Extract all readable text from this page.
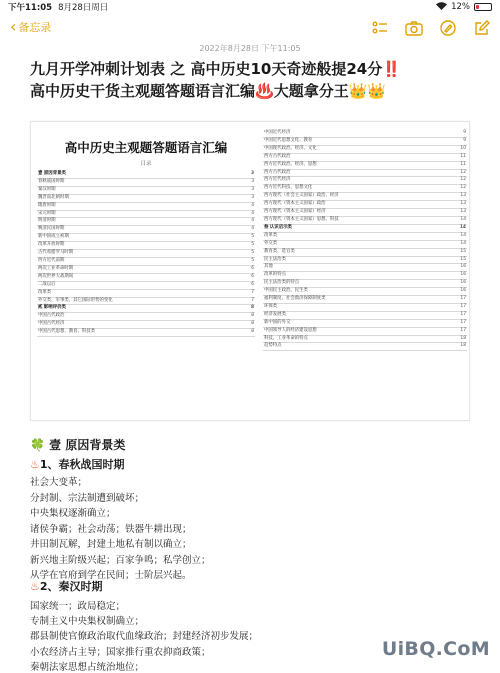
下午11:05 8月28日周日	12%
‹ 备忘录
2022年8月28日 下午11:05
九月开学冲刺计划表 之 高中历史10天奇迹般提24分‼️
高中历史干货主观题答题语言汇编♨️大题拿分王👑👑
高中历史主观题答题语言汇编
目录
壹 原因背景类	3
春秋战国时期	3
秦汉时期	3
魏晋南北朝时期	3
隋唐时期	4
宋元时期	4
明清时期	4
晚清民国时期	4
新中国成立初期	5
改革开放时期	5
古代希腊罗马时期	5
西方近代前期	5
两次工业革命时期	6
两次世界大战期间	6
二战以后	6
改革类	7
外交类、军事类、其它国际形势的变化	7
贰 影响评价类	8
中国古代政治	8
中国古代经济	8
中国古代思想、教育、科技类	8
中国近代经济	9
中国近代思想文化、教育	9
中国现代政治、经济、文化	10
西方古代政治	11
西方近代政治、经济、思想	11
西方古代政治	12
西方近代经济	12
西方近代科技、思想文化	12
西方现代（社会主义国家）政治、经济	13
西方现代（资本主义国家）政治	13
西方现代（资本主义国家）经济	13
西方现代（资本主义国家）思想、科技	14
叁 认识启示类	14
改革类	14
外交类	14
教育类、选官类	15
民主法治类	15
其他	16
改革的特点	16
民主法治类的特点	16
中国民主政治、民生类	16
福利制度、社会救济保障制度类	17
环保类	17
经济发展类	17
新中国的外交	17
中国领导人的经济建设思想	17
科技、工业革命的特点	18
趋势特点	18
🍀 壹 原因背景类
♨1、春秋战国时期
社会大变革；
分封制、宗法制遭到破坏；
中央集权逐渐确立；
诸侯争霸；社会动荡；铁器牛耕出现；
井田制瓦解，封建土地私有制以确立；
新兴地主阶级兴起；百家争鸣；私学创立；
从学在官府到学在民间；士阶层兴起。
♨2、秦汉时期
国家统一；政局稳定；
专制主义中央集权制确立；
郡县制使官僚政治取代血缘政治；封建经济初步发展；
小农经济占主导；国家推行重农抑商政策；
秦朝法家思想占统治地位；
UiBQ.CoM
